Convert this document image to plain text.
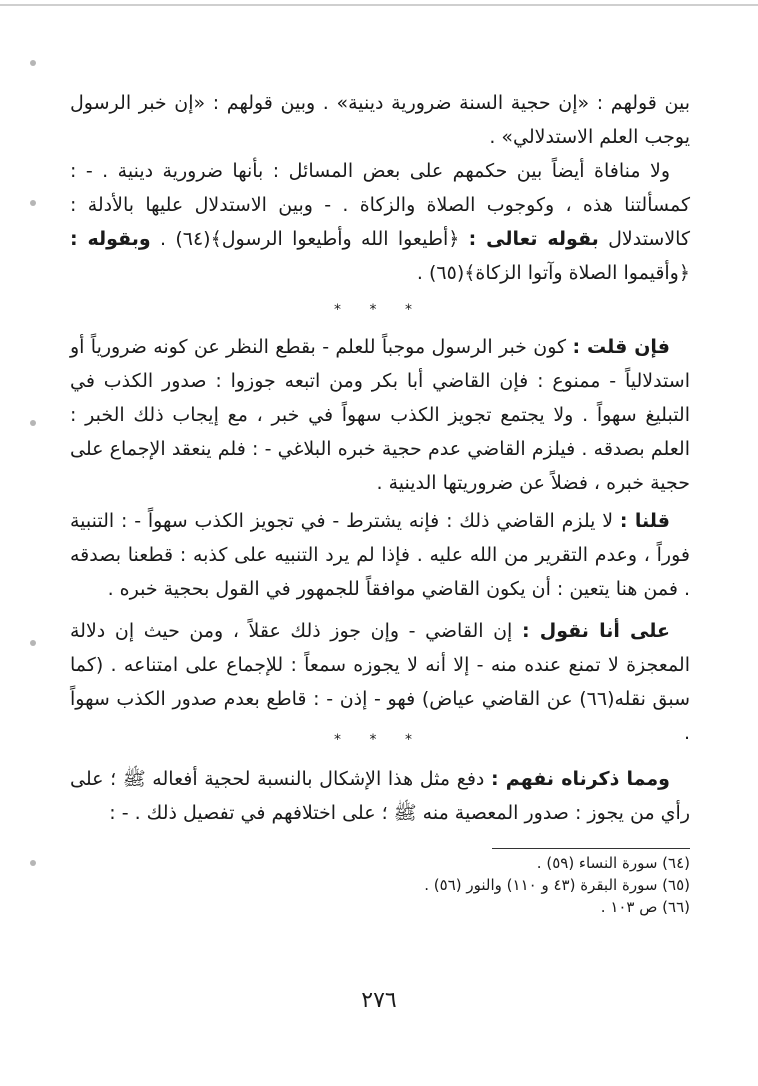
بين قولهم : «إن حجية السنة ضرورية دينية» . وبين قولهم : «إن خبر الرسول يوجب العلم الاستدلالي» .

ولا منافاة أيضاً بين حكمهم على بعض المسائل : بأنها ضرورية دينية . - : كمسألتنا هذه ، وكوجوب الصلاة والزكاة . - وبين الاستدلال عليها بالأدلة : كالاستدلال بقوله تعالى : ﴿أطيعوا الله وأطيعوا الرسول﴾(٦٤) . وبقوله : ﴿وأقيموا الصلاة وآتوا الزكاة﴾(٦٥) .

* * *

فإن قلت : كون خبر الرسول موجباً للعلم - بقطع النظر عن كونه ضرورياً أو استدلالياً - ممنوع : فإن القاضي أبا بكر ومن اتبعه جوزوا : صدور الكذب في التبليغ سهواً . ولا يجتمع تجويز الكذب سهواً في خبر ، مع إيجاب ذلك الخبر : العلم بصدقه . فيلزم القاضي عدم حجية خبره البلاغي - : فلم ينعقد الإجماع على حجية خبره ، فضلاً عن ضروريتها الدينية .

قلنا : لا يلزم القاضي ذلك : فإنه يشترط - في تجويز الكذب سهواً - : التنبية فوراً ، وعدم التقرير من الله عليه . فإذا لم يرد التنبيه على كذبه : قطعنا بصدقه . فمن هنا يتعين : أن يكون القاضي موافقاً للجمهور في القول بحجية خبره .

على أنا نقول : إن القاضي - وإن جوز ذلك عقلاً ، ومن حيث إن دلالة المعجزة لا تمنع عنده منه - إلا أنه لا يجوزه سمعاً : للإجماع على امتناعه . (كما سبق نقله(٦٦) عن القاضي عياض) فهو - إذن - : قاطع بعدم صدور الكذب سهواً .

* * *

ومما ذكرناه نفهم : دفع مثل هذا الإشكال بالنسبة لحجية أفعاله ﷺ ؛ على رأي من يجوز : صدور المعصية منه ﷺ ؛ على اختلافهم في تفصيل ذلك . - :

(٦٤) سورة النساء (٥٩) .
(٦٥) سورة البقرة (٤٣ و ١١٠) والنور (٥٦) .
(٦٦) ص ١٠٣ .
٢٧٦
